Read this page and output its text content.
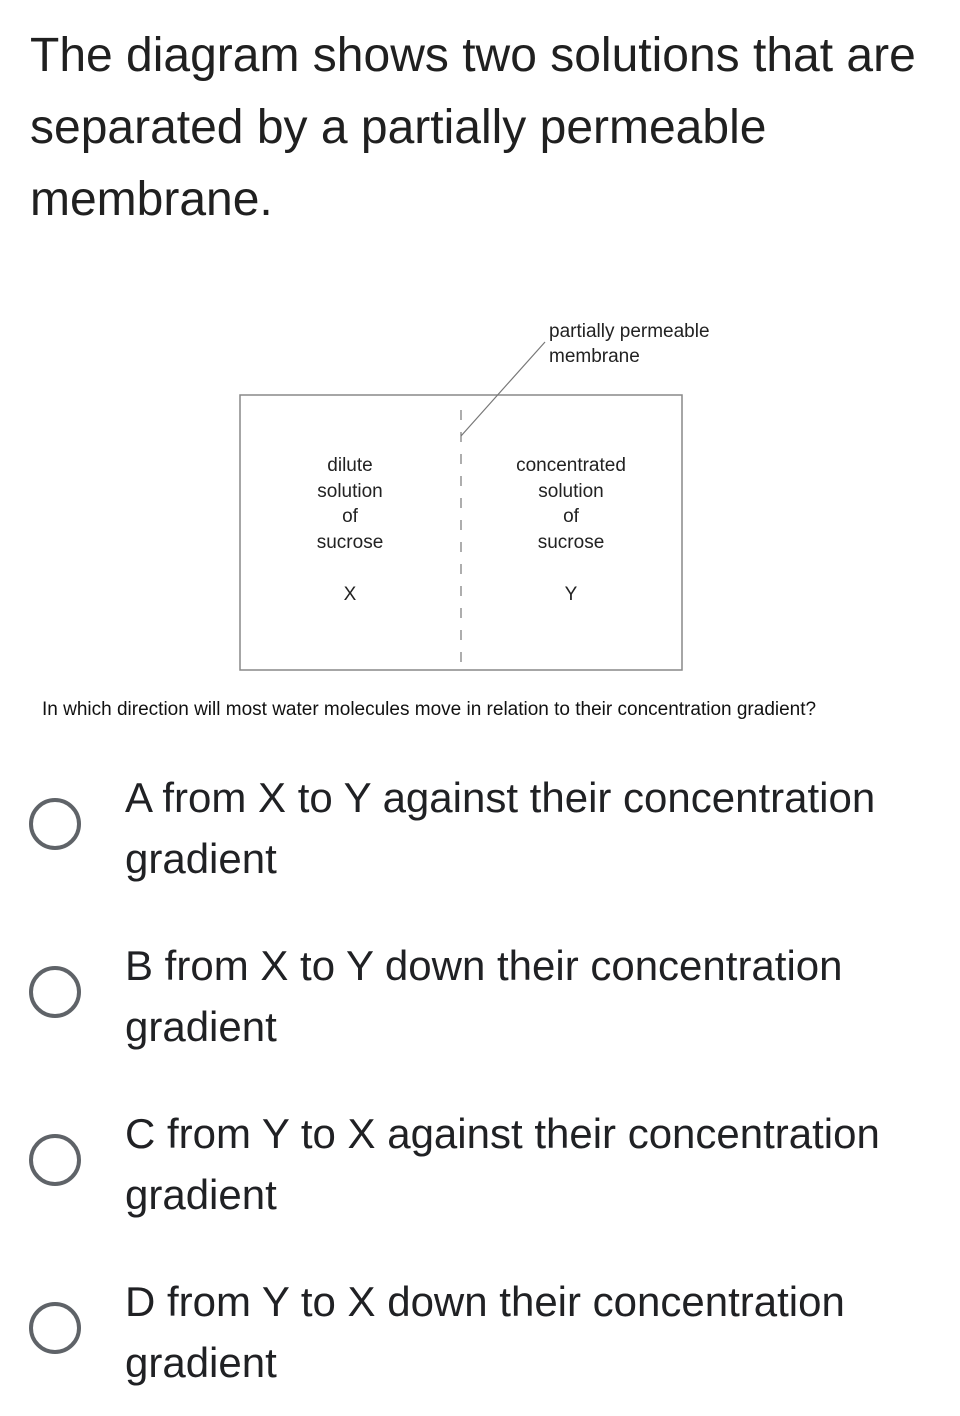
The diagram shows two solutions that are separated by a partially permeable membrane.
partially permeable
membrane
dilute
solution
of
sucrose
X
concentrated
solution
of
sucrose
Y
In which direction will most water molecules move in relation to their concentration gradient?
A from X to Y against their concentration gradient
B from X to Y down their concentration gradient
C from Y to X against their concentration gradient
D from Y to X down their concentration gradient
